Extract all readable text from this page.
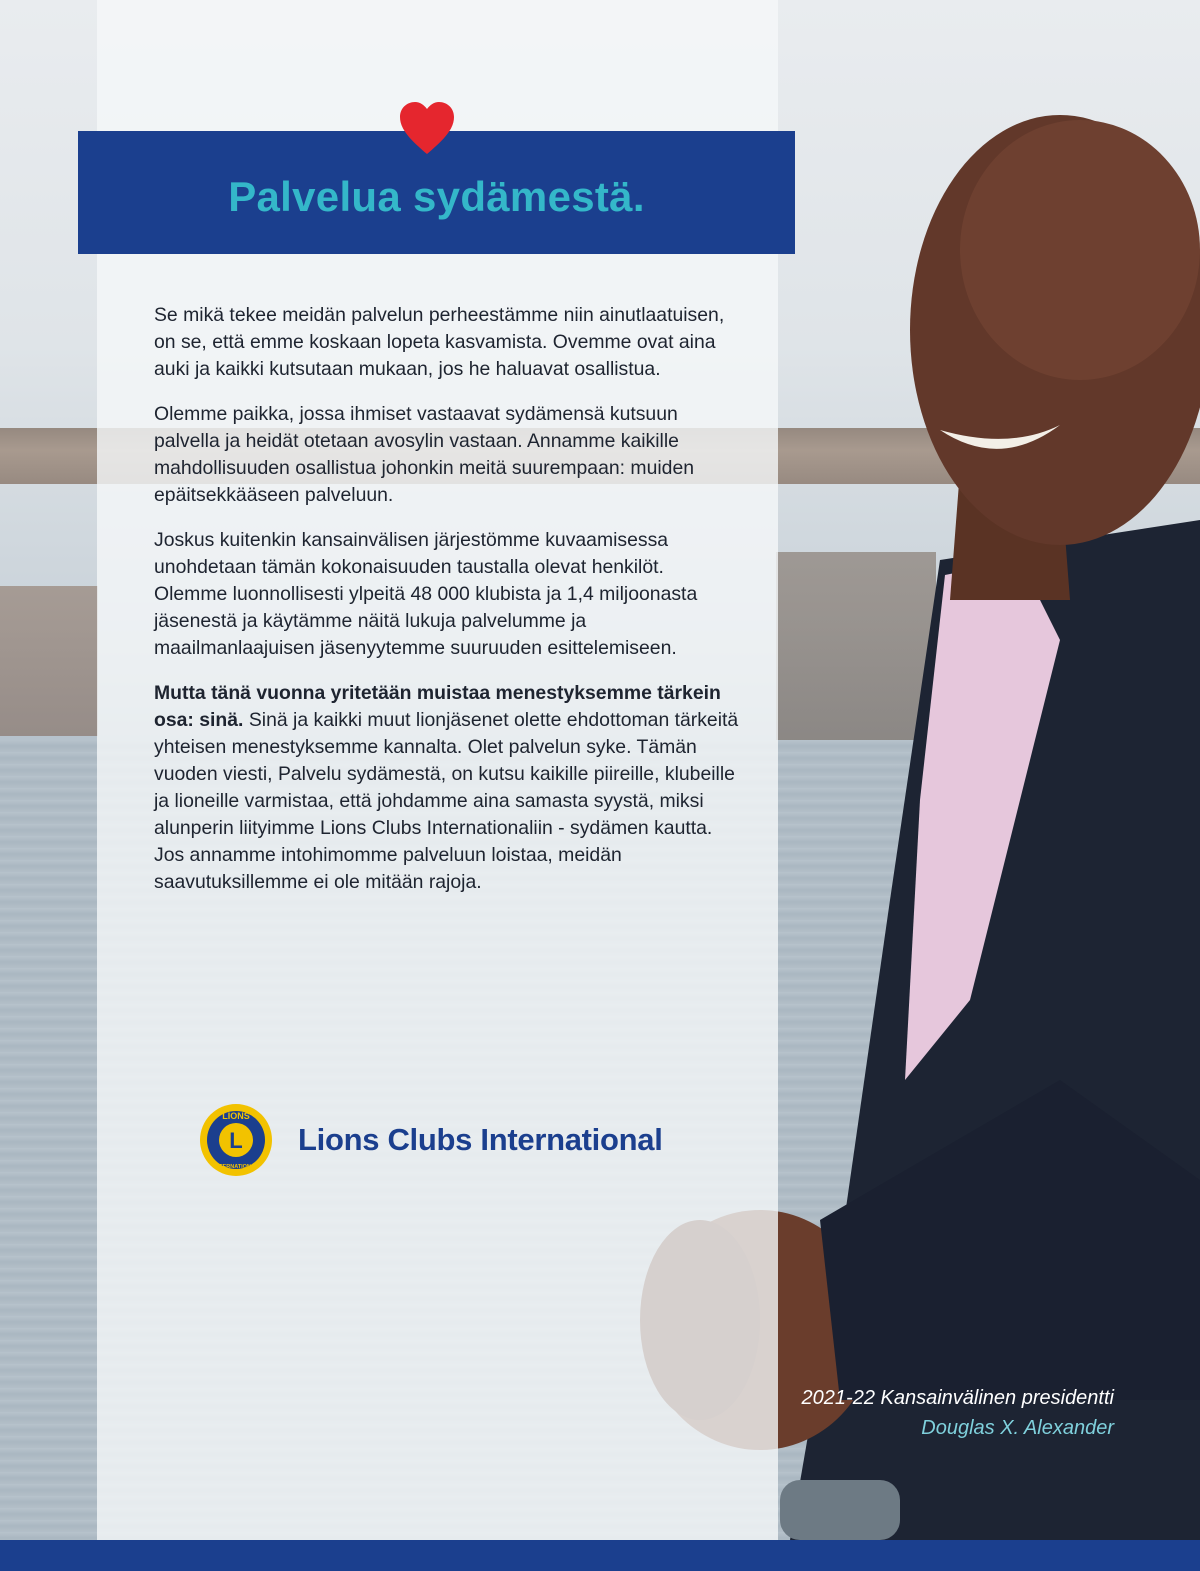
Palvelua sydämestä.

Se mikä tekee meidän palvelun perheestämme niin ainutlaatuisen, on se, että emme koskaan lopeta kasvamista. Ovemme ovat aina auki ja kaikki kutsutaan mukaan, jos he haluavat osallistua.

Olemme paikka, jossa ihmiset vastaavat sydämensä kutsuun palvella ja heidät otetaan avosylin vastaan. Annamme kaikille mahdollisuuden osallistua johonkin meitä suurempaan: muiden epäitsekkääseen palveluun.

Joskus kuitenkin kansainvälisen järjestömme kuvaamisessa unohdetaan tämän kokonaisuuden taustalla olevat henkilöt. Olemme luonnollisesti ylpeitä 48 000 klubista ja 1,4 miljoonasta jäsenestä ja käytämme näitä lukuja palvelumme ja maailmanlaajuisen jäsenyytemme suuruuden esittelemiseen.

Mutta tänä vuonna yritetään muistaa menestyksemme tärkein osa: sinä. Sinä ja kaikki muut lionjäsenet olette ehdottoman tärkeitä yhteisen menestyksemme kannalta. Olet palvelun syke. Tämän vuoden viesti, Palvelu sydämestä, on kutsu kaikille piireille, klubeille ja lioneille varmistaa, että johdamme aina samasta syystä, miksi alunperin liityimme Lions Clubs Internationaliin - sydämen kautta. Jos annamme intohimomme palveluun loistaa, meidän saavutuksillemme ei ole mitään rajoja.

L
LIONS
INTERNATIONAL
Lions Clubs International
2021-22 Kansainvälinen presidentti
Douglas X. Alexander
